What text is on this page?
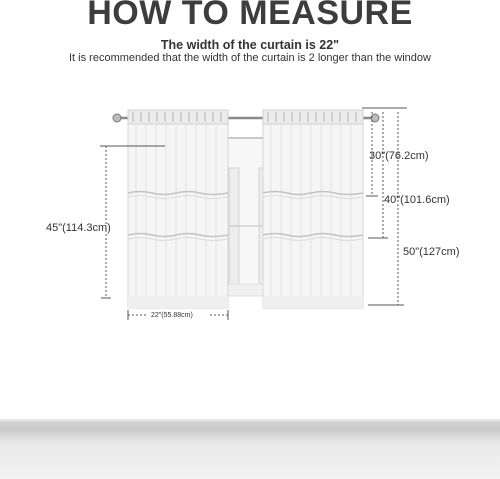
HOW TO MEASURE
The width of the curtain is 22"
It is recommended that the width of the curtain is 2 longer than the window
45"(114.3cm)
22"(55.88cm)
30"(76.2cm)
40"(101.6cm)
50"(127cm)
